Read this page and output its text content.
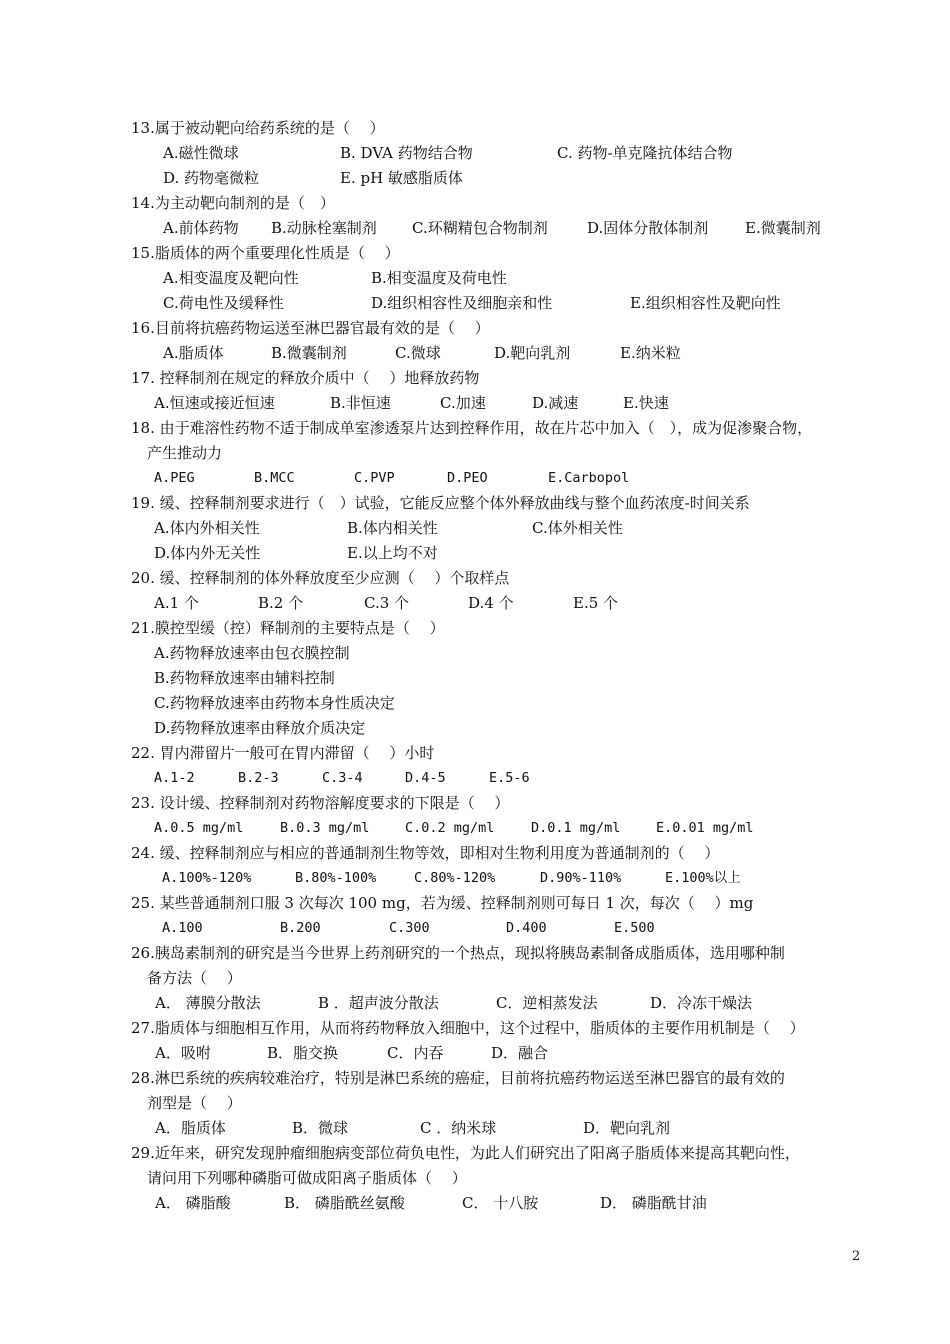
13.属于被动靶向给药系统的是（　 ）
A.磁性微球	B. DVA 药物结合物	C. 药物-单克隆抗体结合物
D. 药物毫微粒	E. pH 敏感脂质体
14.为主动靶向制剂的是（　）
A.前体药物 B.动脉栓塞制剂 C.环糊精包合物制剂	D.固体分散体制剂 E.微囊制剂
15.脂质体的两个重要理化性质是（　 ）
A.相变温度及靶向性	B.相变温度及荷电性
C.荷电性及缓释性	D.组织相容性及细胞亲和性	E.组织相容性及靶向性
16.目前将抗癌药物运送至淋巴器官最有效的是（　 ）
A.脂质体	B.微囊制剂	C.微球	D.靶向乳剂	E.纳米粒
17. 控释制剂在规定的释放介质中（　 ）地释放药物
A.恒速或接近恒速	B.非恒速	C.加速	D.减速	E.快速
18. 由于难溶性药物不适于制成单室渗透泵片达到控释作用，故在片芯中加入（　），成为促渗聚合物，
产生推动力
A.PEG	B.MCC	C.PVP	D.PEO	E.Carbopol
19. 缓、控释制剂要求进行（　）试验，它能反应整个体外释放曲线与整个血药浓度-时间关系
A.体内外相关性	B.体内相关性	C.体外相关性
D.体内外无关性	E.以上均不对
20. 缓、控释制剂的体外释放度至少应测（　 ）个取样点
A.1 个	B.2 个	C.3 个	D.4 个	E.5 个
21.膜控型缓（控）释制剂的主要特点是（　 ）
A.药物释放速率由包衣膜控制
B.药物释放速率由辅料控制
C.药物释放速率由药物本身性质决定
D.药物释放速率由释放介质决定
22. 胃内滞留片一般可在胃内滞留（　 ）小时
A.1-2	B.2-3	C.3-4	D.4-5	E.5-6
23. 设计缓、控释制剂对药物溶解度要求的下限是（　 ）
A.0.5 mg/ml	B.0.3 mg/ml	C.0.2 mg/ml	D.0.1 mg/ml	E.0.01 mg/ml
24. 缓、控释制剂应与相应的普通制剂生物等效，即相对生物利用度为普通制剂的（　 ）
A.100%-120%	B.80%-100%	C.80%-120%	D.90%-110%	E.100%以上
25. 某些普通制剂口服 3 次每次 100 mg，若为缓、控释制剂则可每日 1 次，每次（　 ）mg
A.100	B.200	C.300	D.400	E.500
26.胰岛素制剂的研究是当今世界上药剂研究的一个热点，现拟将胰岛素制备成脂质体，选用哪种制
备方法（　 ）
A． 薄膜分散法	B ．超声波分散法	C．逆相蒸发法	D．冷冻干燥法
27.脂质体与细胞相互作用，从而将药物释放入细胞中，这个过程中，脂质体的主要作用机制是（　 ）
A．吸咐	B．脂交换	C．内吞	D．融合
28.淋巴系统的疾病较难治疗，特别是淋巴系统的癌症，目前将抗癌药物运送至淋巴器官的最有效的
剂型是（　 ）
A．脂质体	B．微球	C ．纳米球	D．靶向乳剂
29.近年来，研究发现肿瘤细胞病变部位荷负电性，为此人们研究出了阳离子脂质体来提高其靶向性，
请问用下列哪种磷脂可做成阳离子脂质体（　 ）
A． 磷脂酸	B． 磷脂酰丝氨酸	C． 十八胺	D． 磷脂酰甘油
2
